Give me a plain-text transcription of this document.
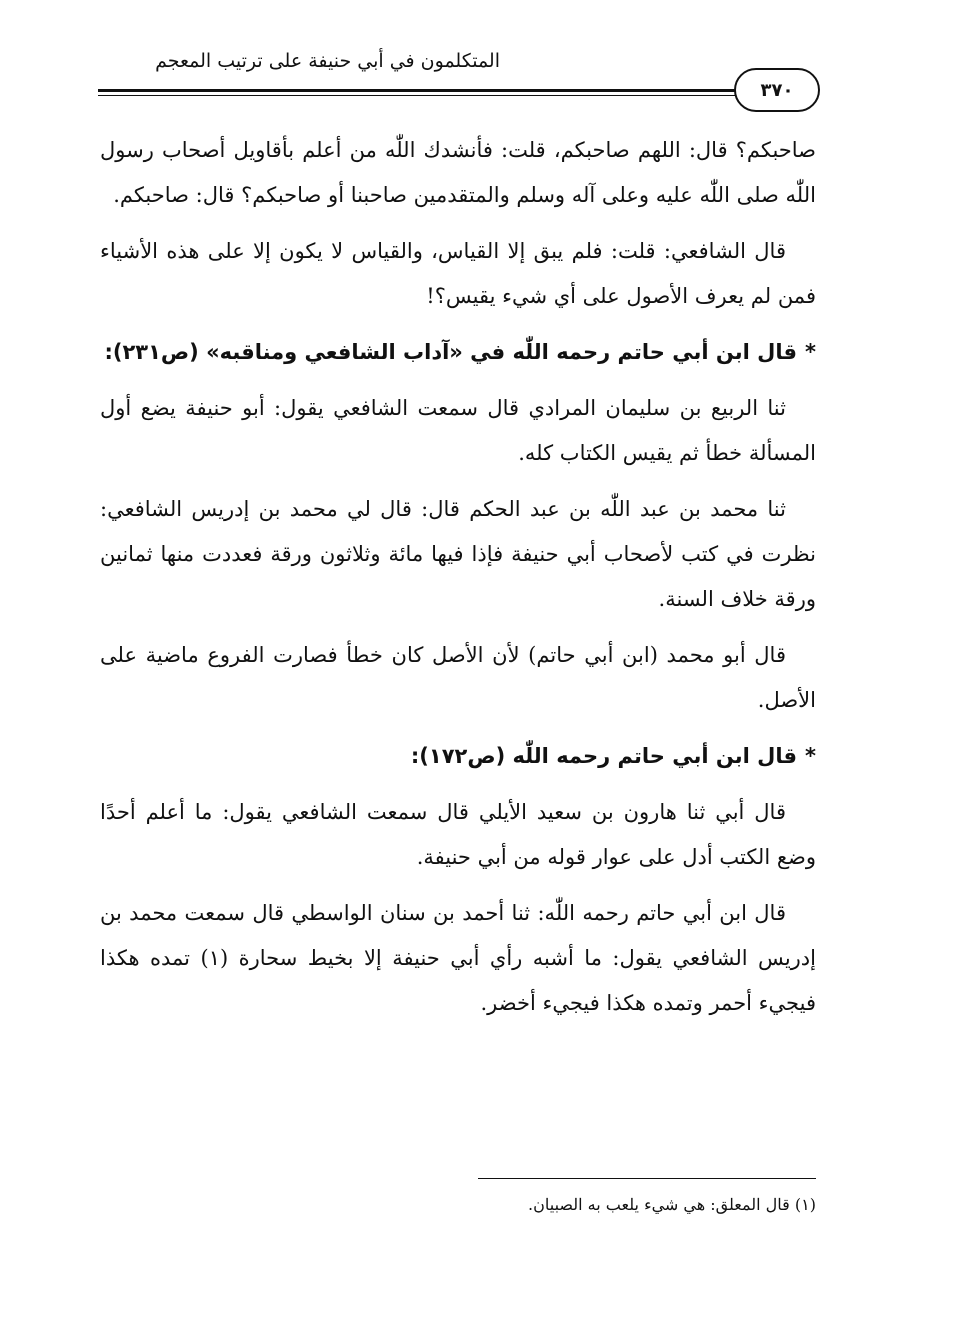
المتكلمون في أبي حنيفة على ترتيب المعجم
٣٧٠

صاحبكم؟ قال: اللهم صاحبكم، قلت: فأنشدك اللّٰه من أعلم بأقاويل أصحاب رسول اللّٰه صلى اللّٰه عليه وعلى آله وسلم والمتقدمين صاحبنا أو صاحبكم؟ قال: صاحبكم.

قال الشافعي: قلت: فلم يبق إلا القياس، والقياس لا يكون إلا على هذه الأشياء فمن لم يعرف الأصول على أي شيء يقيس؟!

*قال ابن أبي حاتم رحمه اللّٰه في «آداب الشافعي ومناقبه» (ص٢٣١):

ثنا الربيع بن سليمان المرادي قال سمعت الشافعي يقول: أبو حنيفة يضع أول المسألة خطأ ثم يقيس الكتاب كله.

ثنا محمد بن عبد اللّٰه بن عبد الحكم قال: قال لي محمد بن إدريس الشافعي: نظرت في كتب لأصحاب أبي حنيفة فإذا فيها مائة وثلاثون ورقة فعددت منها ثمانين ورقة خلاف السنة.

قال أبو محمد (ابن أبي حاتم) لأن الأصل كان خطأ فصارت الفروع ماضية على الأصل.

*قال ابن أبي حاتم رحمه اللّٰه (ص١٧٢):

قال أبي ثنا هارون بن سعيد الأيلي قال سمعت الشافعي يقول: ما أعلم أحدًا وضع الكتب أدل على عوار قوله من أبي حنيفة.

قال ابن أبي حاتم رحمه اللّٰه: ثنا أحمد بن سنان الواسطي قال سمعت محمد بن إدريس الشافعي يقول: ما أشبه رأي أبي حنيفة إلا بخيط سحارة (١) تمده هكذا فيجيء أحمر وتمده هكذا فيجيء أخضر.

(١) قال المعلق: هي شيء يلعب به الصبيان.
